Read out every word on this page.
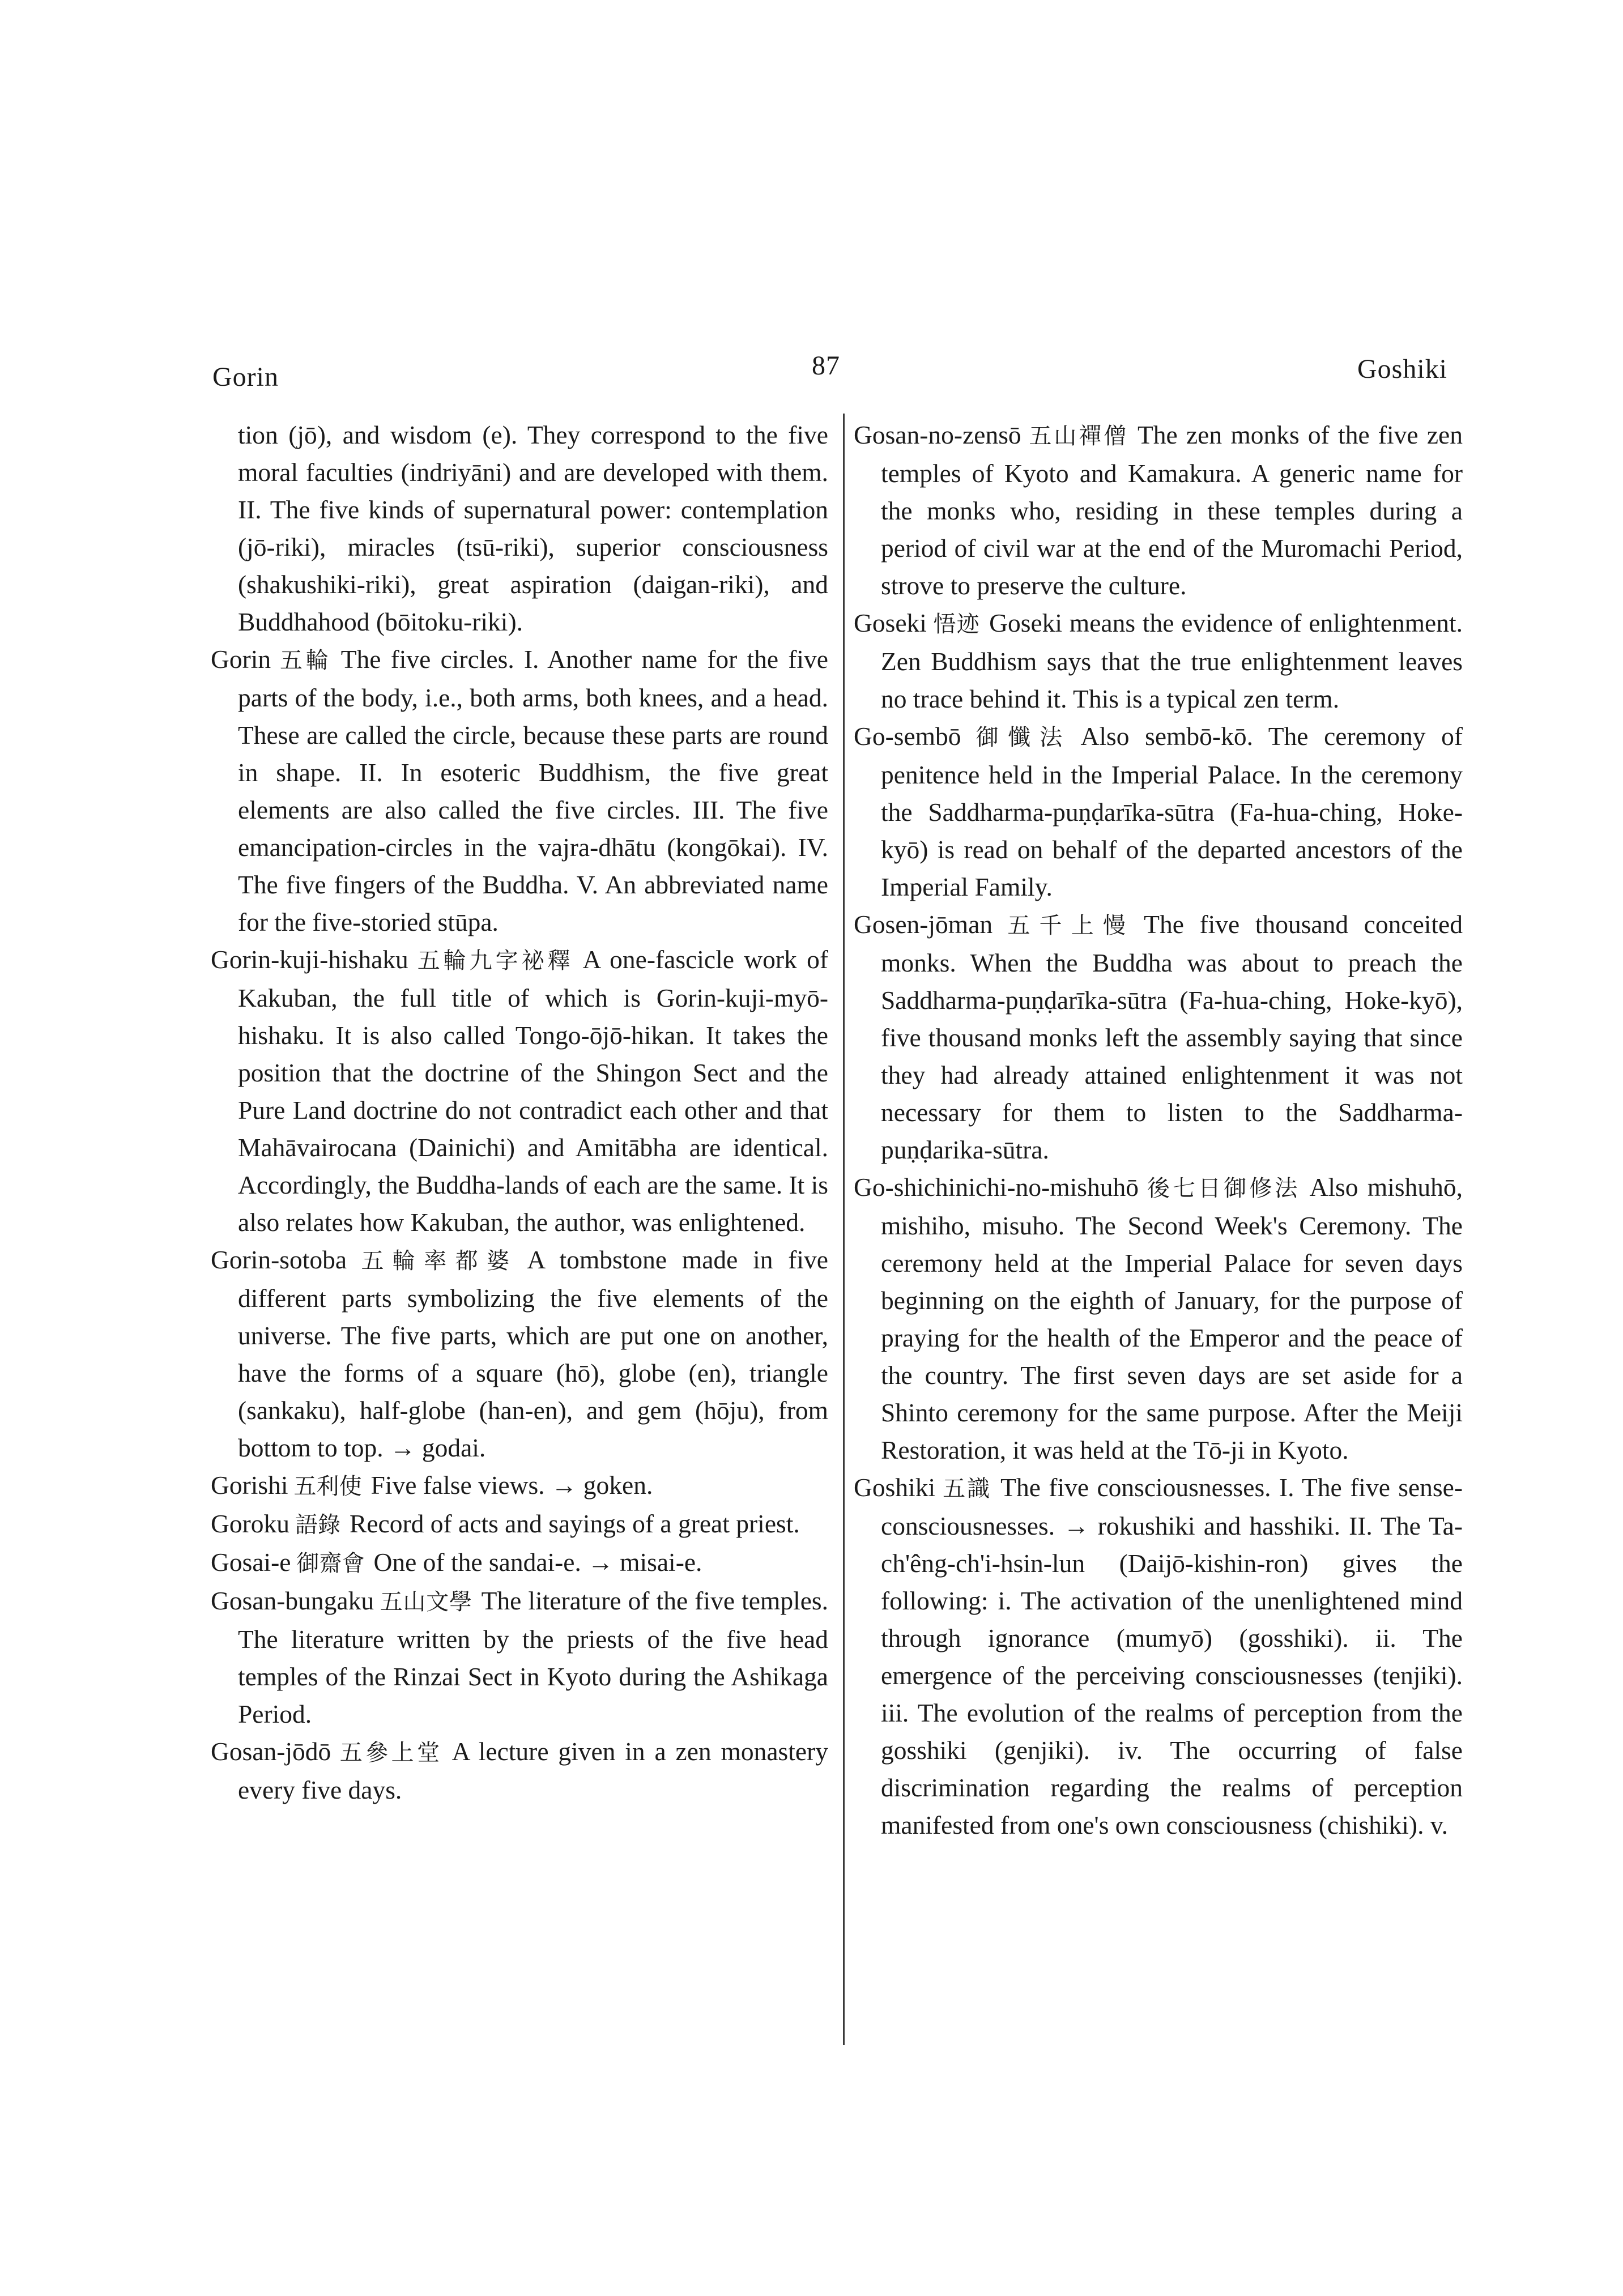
Gorin	87	Goshiki
tion (jō), and wisdom (e). They correspond to the five moral faculties (indriyāni) and are developed with them. II. The five kinds of supernatural power: contemplation (jō-riki), miracles (tsū-riki), superior consciousness (shakushiki-riki), great aspiration (daigan-riki), and Buddhahood (bōitoku-riki).
Gorin 五輪 The five circles. I. Another name for the five parts of the body, i.e., both arms, both knees, and a head. These are called the circle, because these parts are round in shape. II. In esoteric Buddhism, the five great elements are also called the five circles. III. The five emancipation-circles in the vajra-dhātu (kongōkai). IV. The five fingers of the Buddha. V. An abbreviated name for the five-storied stūpa.
Gorin-kuji-hishaku 五輪九字祕釋 A one-fascicle work of Kakuban, the full title of which is Gorin-kuji-myō-hishaku. It is also called Tongo-ōjō-hikan. It takes the position that the doctrine of the Shingon Sect and the Pure Land doctrine do not contradict each other and that Mahāvairocana (Dainichi) and Amitābha are identical. Accordingly, the Buddha-lands of each are the same. It is also relates how Kakuban, the author, was enlightened.
Gorin-sotoba 五輪率都婆 A tombstone made in five different parts symbolizing the five elements of the universe. The five parts, which are put one on another, have the forms of a square (hō), globe (en), triangle (sankaku), half-globe (han-en), and gem (hōju), from bottom to top. → godai.
Gorishi 五利使 Five false views. → goken.
Goroku 語錄 Record of acts and sayings of a great priest.
Gosai-e 御齋會 One of the sandai-e. → misai-e.
Gosan-bungaku 五山文學 The literature of the five temples. The literature written by the priests of the five head temples of the Rinzai Sect in Kyoto during the Ashikaga Period.
Gosan-jōdō 五參上堂 A lecture given in a zen monastery every five days.
Gosan-no-zensō 五山禪僧 The zen monks of the five zen temples of Kyoto and Kamakura. A generic name for the monks who, residing in these temples during a period of civil war at the end of the Muromachi Period, strove to preserve the culture.
Goseki 悟迹 Goseki means the evidence of enlightenment. Zen Buddhism says that the true enlightenment leaves no trace behind it. This is a typical zen term.
Go-sembō 御懺法 Also sembō-kō. The ceremony of penitence held in the Imperial Palace. In the ceremony the Saddharma-puṇḍarīka-sūtra (Fa-hua-ching, Hoke-kyō) is read on behalf of the departed ancestors of the Imperial Family.
Gosen-jōman 五千上慢 The five thousand conceited monks. When the Buddha was about to preach the Saddharma-puṇḍarīka-sūtra (Fa-hua-ching, Hoke-kyō), five thousand monks left the assembly saying that since they had already attained enlightenment it was not necessary for them to listen to the Saddharma-puṇḍarika-sūtra.
Go-shichinichi-no-mishuhō 後七日御修法 Also mishuhō, mishiho, misuho. The Second Week's Ceremony. The ceremony held at the Imperial Palace for seven days beginning on the eighth of January, for the purpose of praying for the health of the Emperor and the peace of the country. The first seven days are set aside for a Shinto ceremony for the same purpose. After the Meiji Restoration, it was held at the Tō-ji in Kyoto.
Goshiki 五識 The five consciousnesses. I. The five sense-consciousnesses. → rokushiki and hasshiki. II. The Ta-ch'êng-ch'i-hsin-lun (Daijō-kishin-ron) gives the following: i. The activation of the unenlightened mind through ignorance (mumyō) (gosshiki). ii. The emergence of the perceiving consciousnesses (tenjiki). iii. The evolution of the realms of perception from the gosshiki (genjiki). iv. The occurring of false discrimination regarding the realms of perception manifested from one's own consciousness (chishiki). v.
